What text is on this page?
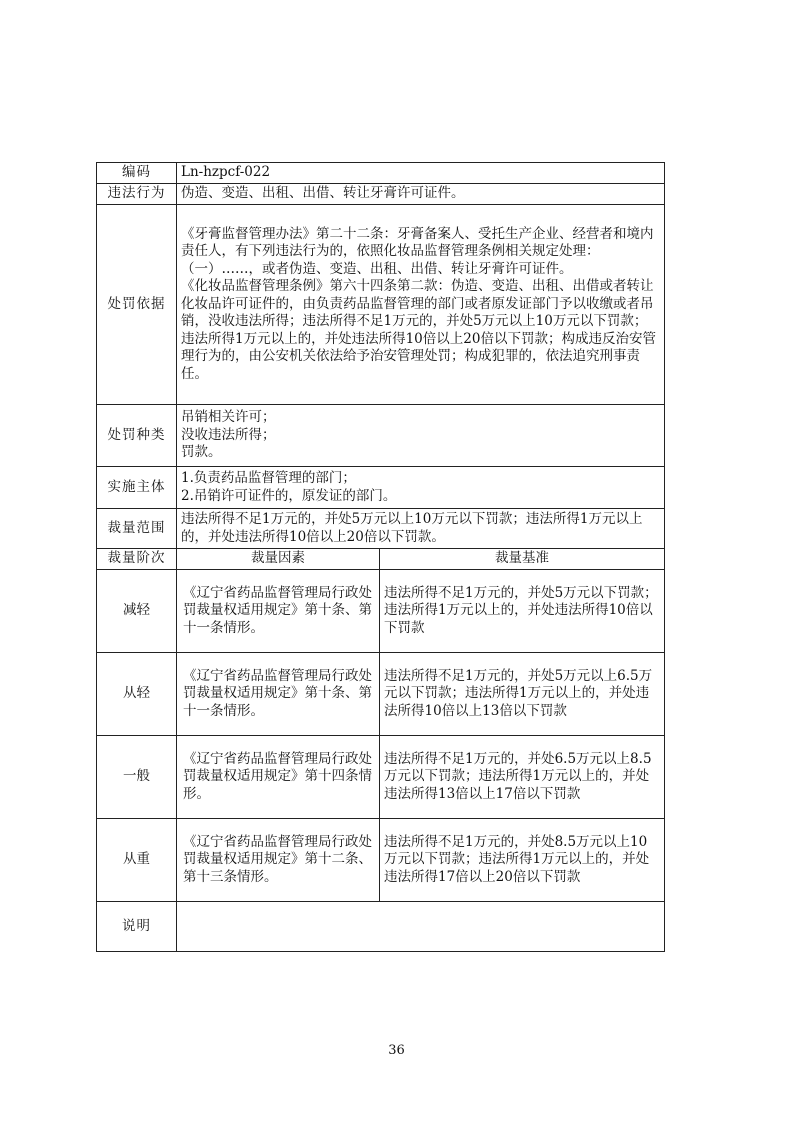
编码	Ln-hzpcf-022	
违法行为	伪造、变造、出租、出借、转让牙膏许可证件。	
处罚依据	《牙膏监督管理办法》第二十二条：牙膏备案人、受托生产企业、经营者和境内责任人，有下列违法行为的，依照化妆品监督管理条例相关规定处理：（一）……，或者伪造、变造、出租、出借、转让牙膏许可证件。
《化妆品监督管理条例》第六十四条第二款：伪造、变造、出租、出借或者转让化妆品许可证件的，由负责药品监督管理的部门或者原发证部门予以收缴或者吊销，没收违法所得；违法所得不足1万元的，并处5万元以上10万元以下罚款；违法所得1万元以上的，并处违法所得10倍以上20倍以下罚款；构成违反治安管理行为的，由公安机关依法给予治安管理处罚；构成犯罪的，依法追究刑事责任。	

处罚种类	吊销相关许可；
没收违法所得；
罚款。	

实施主体	1.负责药品监督管理的部门；
2.吊销许可证件的，原发证的部门。	

裁量范围	违法所得不足1万元的，并处5万元以上10万元以下罚款；违法所得1万元以上的，并处违法所得10倍以上20倍以下罚款。	
裁量阶次	裁量因素	裁量基准
减轻	《辽宁省药品监督管理局行政处罚裁量权适用规定》第十条、第十一条情形。	违法所得不足1万元的，并处5万元以下罚款；违法所得1万元以上的，并处违法所得10倍以下罚款
从轻	《辽宁省药品监督管理局行政处罚裁量权适用规定》第十条、第十一条情形。	违法所得不足1万元的，并处5万元以上6.5万元以下罚款；违法所得1万元以上的，并处违法所得10倍以上13倍以下罚款
一般	《辽宁省药品监督管理局行政处罚裁量权适用规定》第十四条情形。	违法所得不足1万元的，并处6.5万元以上8.5万元以下罚款；违法所得1万元以上的，并处违法所得13倍以上17倍以下罚款
从重	《辽宁省药品监督管理局行政处罚裁量权适用规定》第十二条、第十三条情形。	违法所得不足1万元的，并处8.5万元以上10万元以下罚款；违法所得1万元以上的，并处违法所得17倍以上20倍以下罚款
说明		
36
